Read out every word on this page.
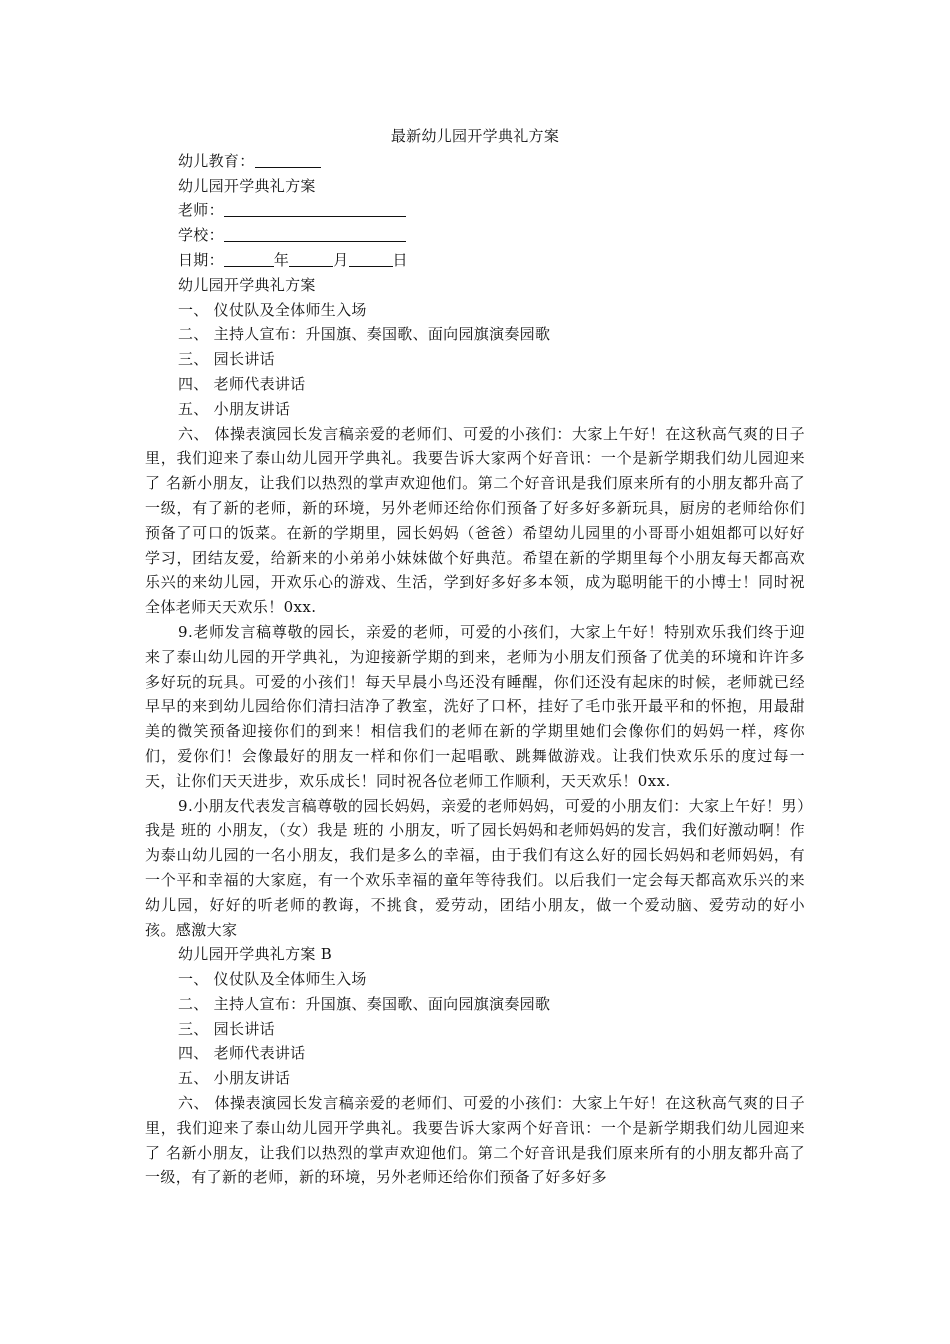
最新幼儿园开学典礼方案

幼儿教育：

幼儿园开学典礼方案

老师：

学校：

日期：	年	月	日

幼儿园开学典礼方案

一、 仪仗队及全体师生入场

二、 主持人宣布：升国旗、奏国歌、面向园旗演奏园歌

三、 园长讲话

四、 老师代表讲话

五、 小朋友讲话

六、 体操表演园长发言稿亲爱的老师们、可爱的小孩们：大家上午好！在这秋高气爽的日子里，我们迎来了泰山幼儿园开学典礼。我要告诉大家两个好音讯：一个是新学期我们幼儿园迎来了 名新小朋友，让我们以热烈的掌声欢迎他们。第二个好音讯是我们原来所有的小朋友都升高了一级，有了新的老师，新的环境，另外老师还给你们预备了好多好多新玩具，厨房的老师给你们预备了可口的饭菜。在新的学期里，园长妈妈（爸爸）希望幼儿园里的小哥哥小姐姐都可以好好学习，团结友爱，给新来的小弟弟小妹妹做个好典范。希望在新的学期里每个小朋友每天都高欢乐兴的来幼儿园，开欢乐心的游戏、生活，学到好多好多本领，成为聪明能干的小博士！同时祝全体老师天天欢乐！0xx.

9.老师发言稿尊敬的园长，亲爱的老师，可爱的小孩们，大家上午好！特别欢乐我们终于迎来了泰山幼儿园的开学典礼，为迎接新学期的到来，老师为小朋友们预备了优美的环境和许许多多好玩的玩具。可爱的小孩们！每天早晨小鸟还没有睡醒，你们还没有起床的时候，老师就已经早早的来到幼儿园给你们清扫洁净了教室，洗好了口杯，挂好了毛巾张开最平和的怀抱，用最甜美的微笑预备迎接你们的到来！相信我们的老师在新的学期里她们会像你们的妈妈一样，疼你们，爱你们！会像最好的朋友一样和你们一起唱歌、跳舞做游戏。让我们快欢乐乐的度过每一天，让你们天天进步，欢乐成长！同时祝各位老师工作顺利，天天欢乐！0xx.

9.小朋友代表发言稿尊敬的园长妈妈，亲爱的老师妈妈，可爱的小朋友们：大家上午好！男）我是 班的 小朋友，（女）我是 班的 小朋友，听了园长妈妈和老师妈妈的发言，我们好激动啊！作为泰山幼儿园的一名小朋友，我们是多么的幸福，由于我们有这么好的园长妈妈和老师妈妈，有一个平和幸福的大家庭，有一个欢乐幸福的童年等待我们。以后我们一定会每天都高欢乐兴的来幼儿园，好好的听老师的教诲，不挑食，爱劳动，团结小朋友，做一个爱动脑、爱劳动的好小孩。感激大家

幼儿园开学典礼方案 B

一、 仪仗队及全体师生入场

二、 主持人宣布：升国旗、奏国歌、面向园旗演奏园歌

三、 园长讲话

四、 老师代表讲话

五、 小朋友讲话

六、 体操表演园长发言稿亲爱的老师们、可爱的小孩们：大家上午好！在这秋高气爽的日子里，我们迎来了泰山幼儿园开学典礼。我要告诉大家两个好音讯：一个是新学期我们幼儿园迎来了 名新小朋友，让我们以热烈的掌声欢迎他们。第二个好音讯是我们原来所有的小朋友都升高了一级，有了新的老师，新的环境，另外老师还给你们预备了好多好多
